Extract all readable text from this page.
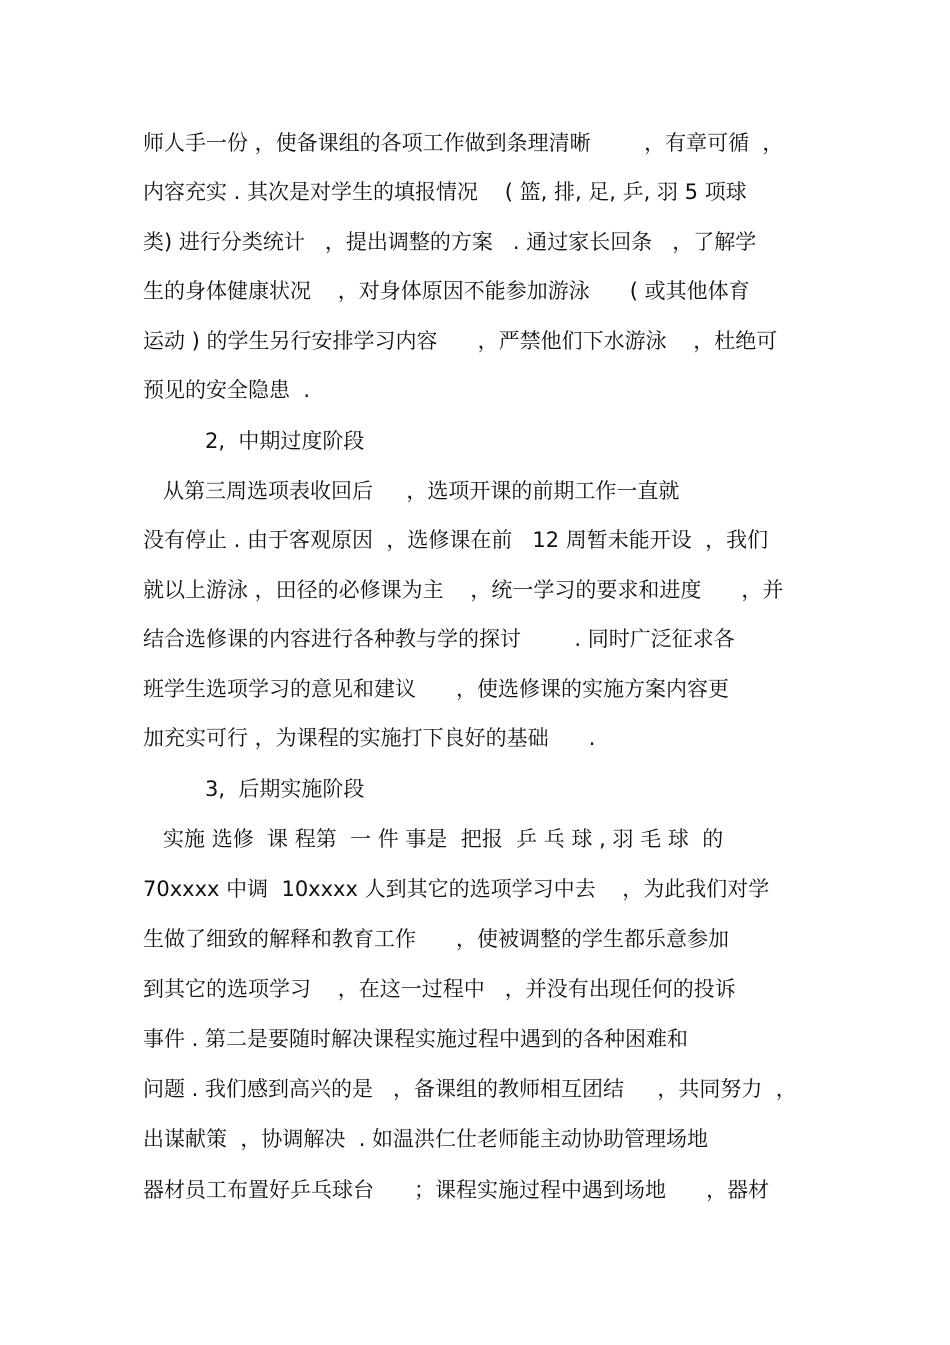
师人手一份 ，使备课组的各项工作做到条理清晰        ，有章可循  ，
内容充实 . 其次是对学生的填报情况    ( 篮, 排, 足, 乒, 羽 5 项球
类) 进行分类统计   ，提出调整的方案   . 通过家长回条   ，了解学
生的身体健康状况    ，对身体原因不能参加游泳      ( 或其他体育
运动 ) 的学生另行安排学习内容      ，严禁他们下水游泳    ，杜绝可
预见的安全隐患  .
2,  中期过度阶段
从第三周选项表收回后     ，选项开课的前期工作一直就
没有停止 . 由于客观原因  ，选修课在前   12 周暂未能开设  ，我们
就以上游泳 ，田径的必修课为主    ，统一学习的要求和进度      ，并
结合选修课的内容进行各种教与学的探讨        . 同时广泛征求各
班学生选项学习的意见和建议      ，使选修课的实施方案内容更
加充实可行 ，为课程的实施打下良好的基础      .
3,  后期实施阶段
实施 选修  课 程第  一 件 事是  把报  乒 乓 球 , 羽 毛 球  的
70xxxx 中调  10xxxx 人到其它的选项学习中去    ，为此我们对学
生做了细致的解释和教育工作      ，使被调整的学生都乐意参加
到其它的选项学习    ，在这一过程中   ，并没有出现任何的投诉
事件 . 第二是要随时解决课程实施过程中遇到的各种困难和
问题 . 我们感到高兴的是   ，备课组的教师相互团结     ，共同努力  ，
出谋献策  ，协调解决  . 如温洪仁仕老师能主动协助管理场地
器材员工布置好乒乓球台      ；课程实施过程中遇到场地      ，器材
